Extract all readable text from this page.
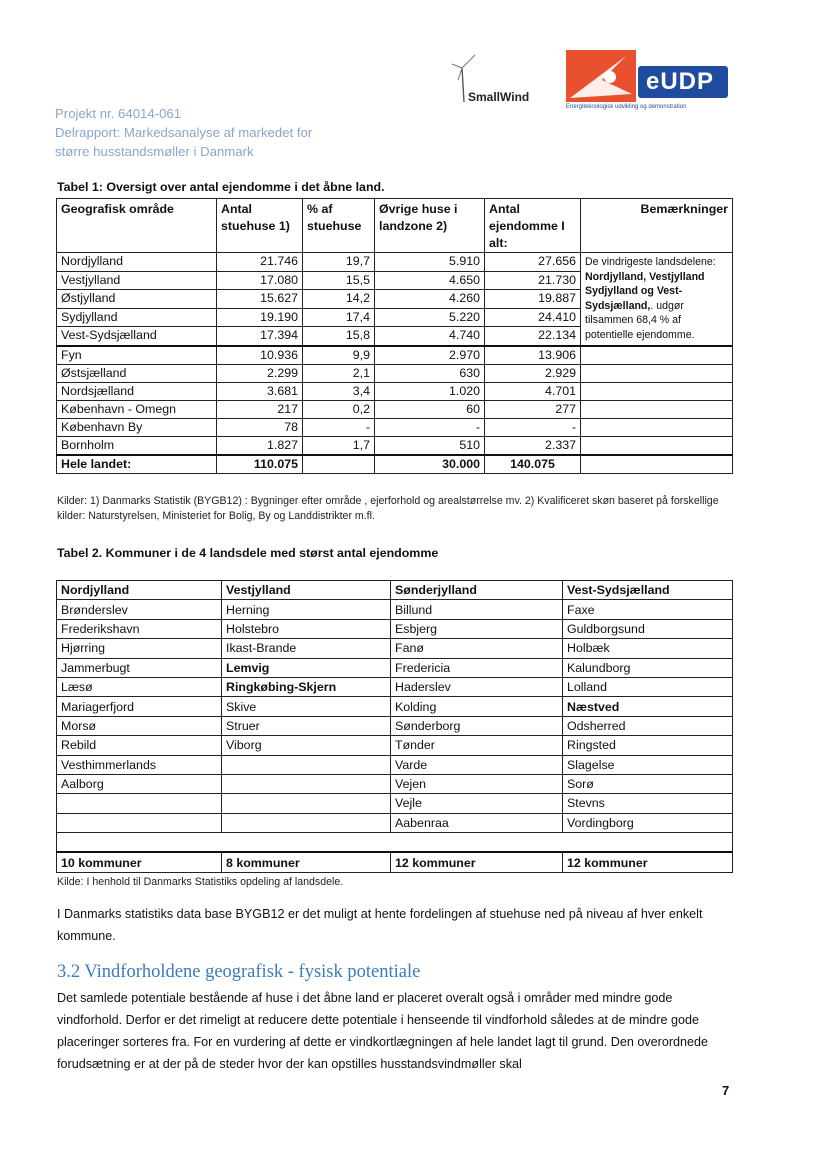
Projekt nr. 64014-061
Delrapport: Markedsanalyse af markedet for
større husstandsmøller i Danmark
SmallWind
eUDP
Energiteknologisk udvikling og demonstration
Tabel 1: Oversigt over antal ejendomme i det åbne land.
Geografisk område	Antal stuehuse 1)	% af stuehuse	Øvrige huse i landzone 2)	Antal ejendomme I alt:	Bemærkninger
Nordjylland	21.746	19,7	5.910	27.656	De vindrigeste landsdelene:
Nordjylland, Vestjylland Sydjylland og Vest-Sydsjælland,. udgør tilsammen 68,4 % af potentielle ejendomme.
Vestjylland	17.080	15,5	4.650	21.730	
Østjylland	15.627	14,2	4.260	19.887	
Sydjylland	19.190	17,4	5.220	24.410	
Vest-Sydsjælland	17.394	15,8	4.740	22.134	
Fyn	10.936	9,9	2.970	13.906	
Østsjælland	2.299	2,1	630	2.929	
Nordsjælland	3.681	3,4	1.020	4.701	
København - Omegn	217	0,2	60	277	
København By	78	-	-	-	
Bornholm	1.827	1,7	510	2.337	
Hele landet:	110.075		30.000	140.075	
Kilder: 1) Danmarks Statistik (BYGB12) : Bygninger efter område , ejerforhold og arealstørrelse mv. 2) Kvalificeret skøn baseret på forskellige kilder: Naturstyrelsen, Ministeriet for Bolig, By og Landdistrikter m.fl.
Tabel 2. Kommuner i de 4 landsdele med størst antal ejendomme
Nordjylland	Vestjylland	Sønderjylland	Vest-Sydsjælland
Brønderslev	Herning	Billund	Faxe
Frederikshavn	Holstebro	Esbjerg	Guldborgsund
Hjørring	Ikast-Brande	Fanø	Holbæk
Jammerbugt	Lemvig	Fredericia	Kalundborg
Læsø	Ringkøbing-Skjern	Haderslev	Lolland
Mariagerfjord	Skive	Kolding	Næstved
Morsø	Struer	Sønderborg	Odsherred
Rebild	Viborg	Tønder	Ringsted
Vesthimmerlands		Varde	Slagelse
Aalborg		Vejen	Sorø
		Vejle	Stevns
		Aabenraa	Vordingborg

10 kommuner	8 kommuner	12 kommuner	12 kommuner
Kilde: I henhold til Danmarks Statistiks opdeling af landsdele.
I Danmarks statistiks data base BYGB12 er det muligt at hente fordelingen af stuehuse ned på niveau af hver enkelt kommune.
3.2 Vindforholdene geografisk - fysisk potentiale
Det samlede potentiale bestående af huse i det åbne land er placeret overalt også i områder med mindre gode vindforhold. Derfor er det rimeligt at reducere dette potentiale i henseende til vindforhold således at de mindre gode placeringer sorteres fra. For en vurdering af dette er vindkortlægningen af hele landet lagt til grund. Den overordnede forudsætning er at der på de steder hvor der kan opstilles husstandsvindmøller skal
7
